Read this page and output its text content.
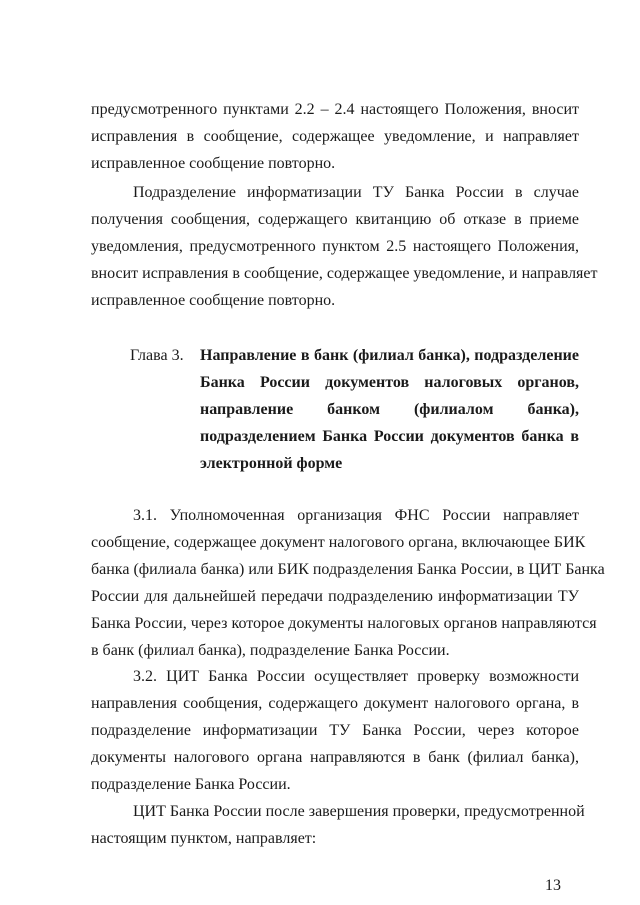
предусмотренного пунктами 2.2 – 2.4 настоящего Положения, вносит
исправления в сообщение, содержащее уведомление, и направляет
исправленное сообщение повторно.
Подразделение информатизации ТУ Банка России в случае
получения сообщения, содержащего квитанцию об отказе в приеме
уведомления, предусмотренного пунктом 2.5 настоящего Положения,
вносит исправления в сообщение, содержащее уведомление, и направляет
исправленное сообщение повторно.
Глава 3. Направление в банк (филиал банка), подразделение
Банка России документов налоговых органов,
направление банком (филиалом банка),
подразделением Банка России документов банка в
электронной форме
3.1. Уполномоченная организация ФНС России направляет
сообщение, содержащее документ налогового органа, включающее БИК
банка (филиала банка) или БИК подразделения Банка России, в ЦИТ Банка
России для дальнейшей передачи подразделению информатизации ТУ
Банка России, через которое документы налоговых органов направляются
в банк (филиал банка), подразделение Банка России.
3.2. ЦИТ Банка России осуществляет проверку возможности
направления сообщения, содержащего документ налогового органа, в
подразделение информатизации ТУ Банка России, через которое
документы налогового органа направляются в банк (филиал банка),
подразделение Банка России.
ЦИТ Банка России после завершения проверки, предусмотренной
настоящим пунктом, направляет:
13
